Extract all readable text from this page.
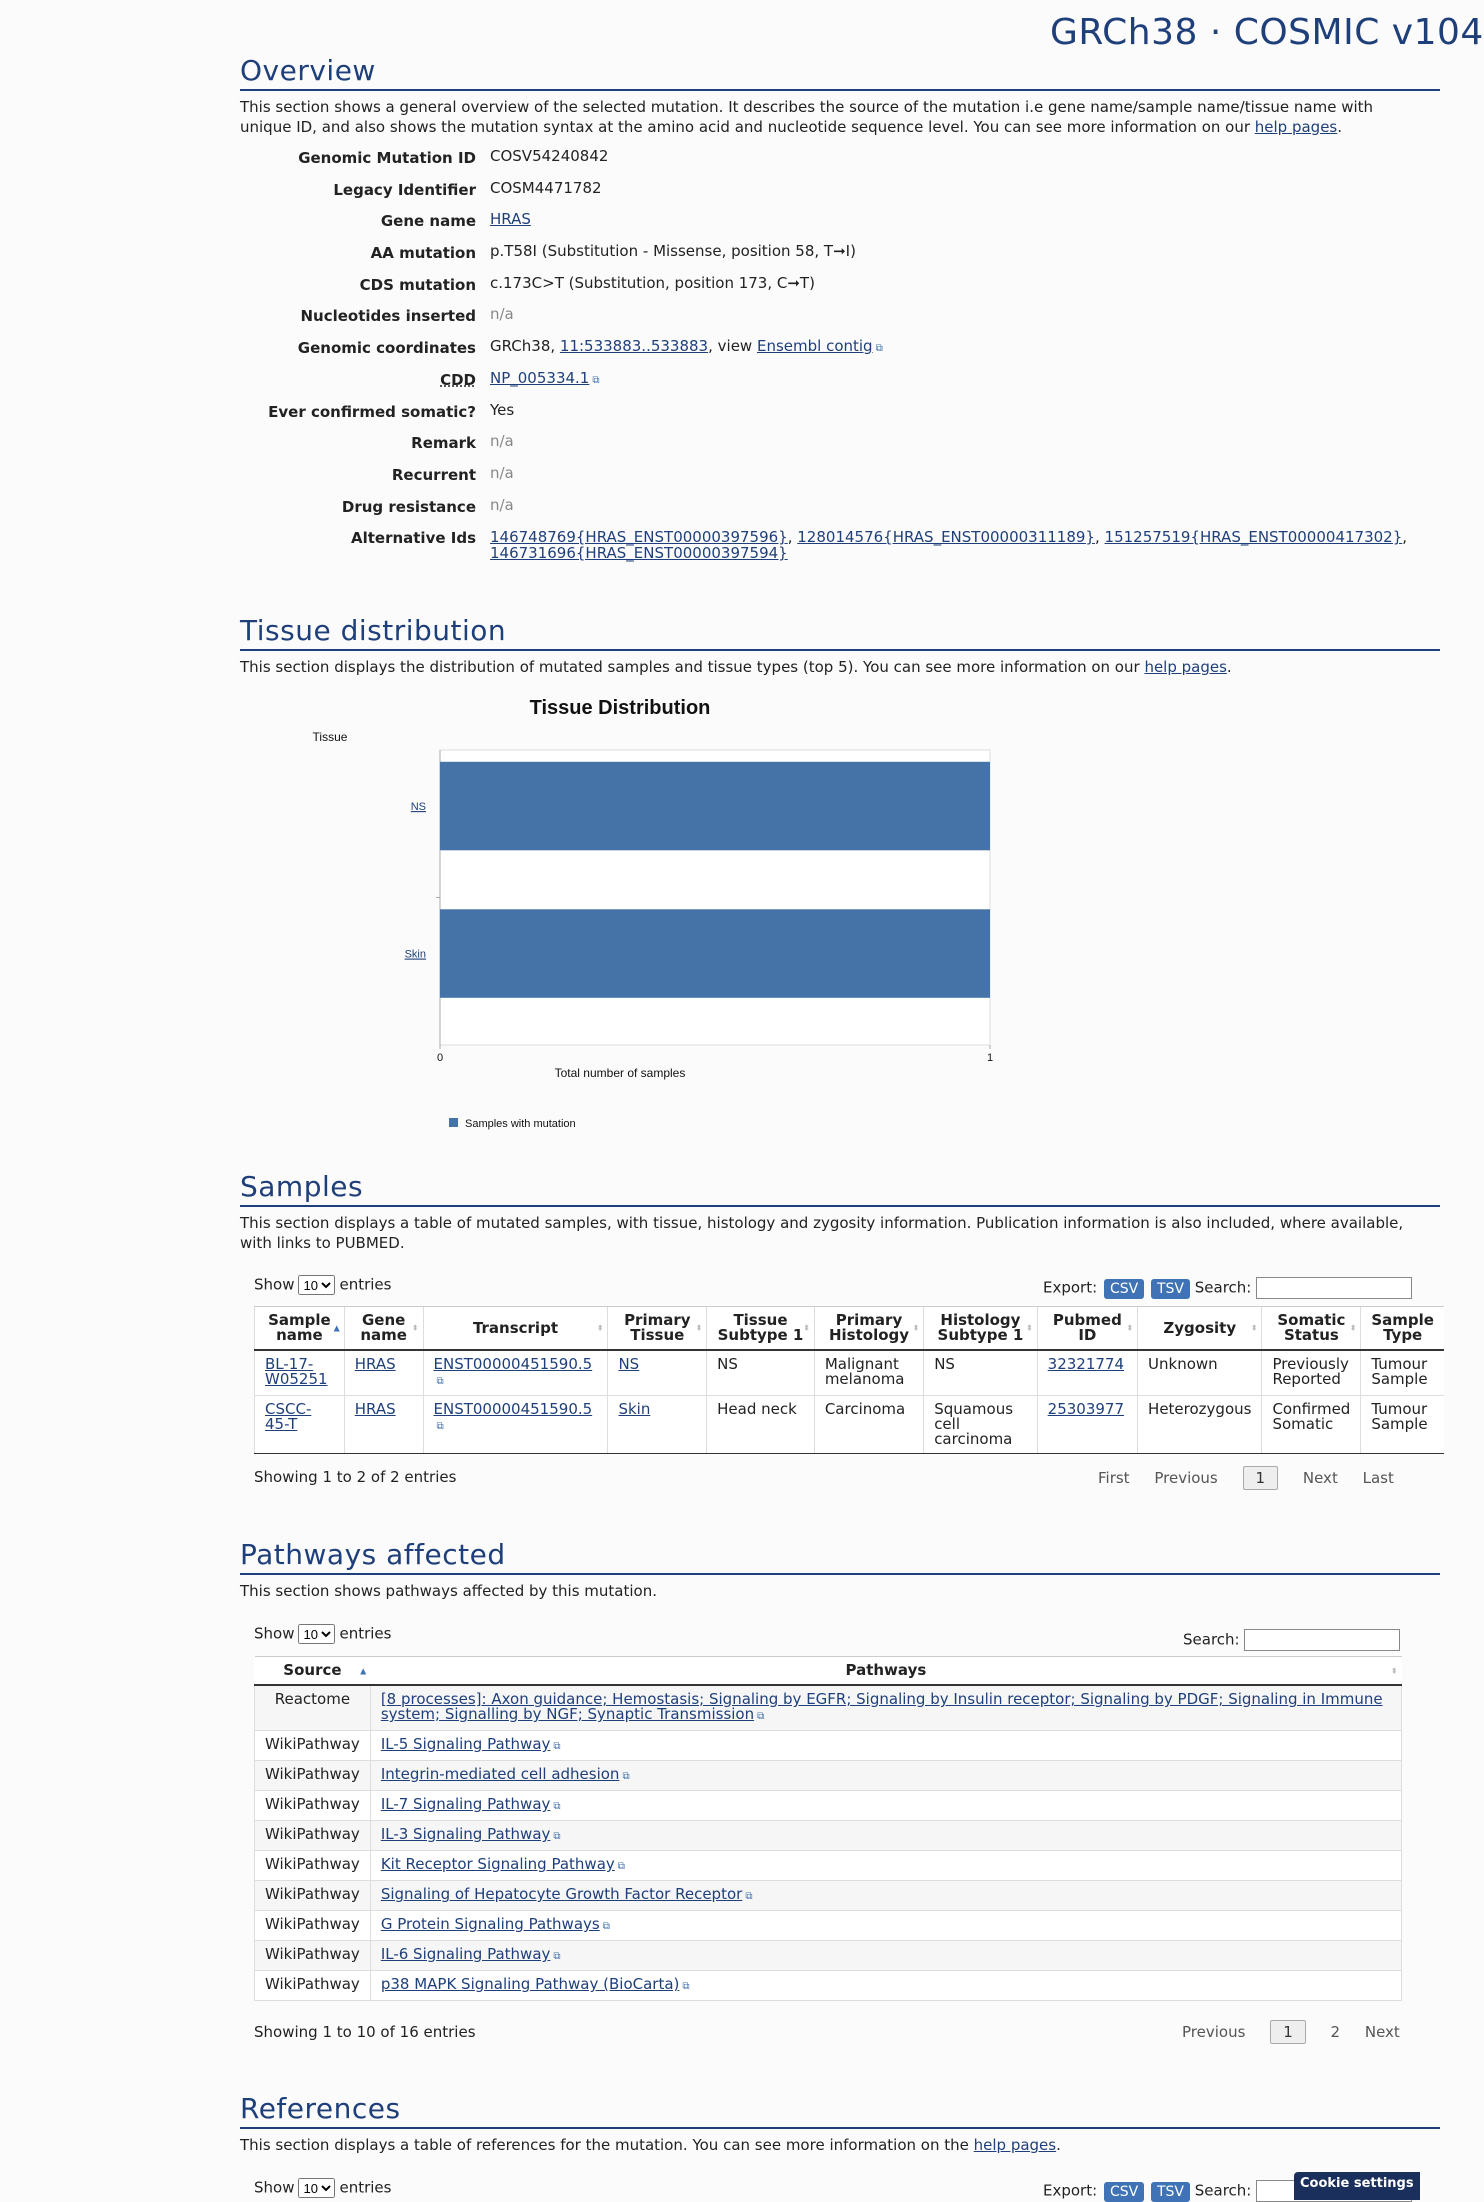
GRCh38 · COSMIC v104
Overview

This section shows a general overview of the selected mutation. It describes the source of the mutation i.e gene name/sample name/tissue name with unique ID, and also shows the mutation syntax at the amino acid and nucleotide sequence level. You can see more information on our help pages.

Genomic Mutation ID COSV54240842
Legacy Identifier COSM4471782
Gene name HRAS
AA mutation p.T58I (Substitution - Missense, position 58, T➞I)
CDS mutation c.173C>T (Substitution, position 173, C➞T)
Nucleotides inserted n/a
Genomic coordinates GRCh38, 11:533883..533883, view Ensembl contig ⧉
CDD NP_005334.1 ⧉
Ever confirmed somatic? Yes
Remark n/a
Recurrent n/a
Drug resistance n/a
Alternative Ids 146748769{HRAS_ENST00000397596}, 128014576{HRAS_ENST00000311189}, 151257519{HRAS_ENST00000417302},
146731696{HRAS_ENST00000397594}
Tissue distribution

This section displays the distribution of mutated samples and tissue types (top 5). You can see more information on our help pages.

Tissue Distribution
Tissue
Total number of samples
NS
Skin
0	1
Samples with mutation
Samples

This section displays a table of mutated samples, with tissue, histology and zygosity information. Publication information is also included, where available, with links to PUBMED.

Show
10	entries	Export: CSV TSV Search:
Sample name ▲	Gene name ⬍	Transcript ⬍	Primary Tissue ⬍	Tissue Subtype 1 ⬍	Primary Histology ⬍	Histology Subtype 1 ⬍	Pubmed ID ⬍	Zygosity ⬍	Somatic Status ⬍	Sample Type
BL-17-W05251	HRAS	ENST00000451590.5⧉	NS	NS	Malignant melanoma	NS	32321774	Unknown	Previously Reported	Tumour Sample
CSCC-45-T	HRAS	ENST00000451590.5⧉	Skin	Head neck	Carcinoma	Squamous cell carcinoma	25303977	Heterozygous	Confirmed Somatic	Tumour Sample
Showing 1 to 2 of 2 entries	First Previous	1	Next Last
Pathways affected

This section shows pathways affected by this mutation.

Show
10	entries	Search:
Source ▲	Pathways ⬍

Reactome	[8 processes]: Axon guidance; Hemostasis; Signaling by EGFR; Signaling by Insulin receptor; Signaling by PDGF; Signaling in Immune system; Signalling by NGF; Synaptic Transmission ⧉
WikiPathway	IL-5 Signaling Pathway ⧉
WikiPathway	Integrin-mediated cell adhesion ⧉
WikiPathway	IL-7 Signaling Pathway ⧉
WikiPathway	IL-3 Signaling Pathway ⧉
WikiPathway	Kit Receptor Signaling Pathway ⧉
WikiPathway	Signaling of Hepatocyte Growth Factor Receptor ⧉
WikiPathway	G Protein Signaling Pathways ⧉
WikiPathway	IL-6 Signaling Pathway ⧉
WikiPathway	p38 MAPK Signaling Pathway (BioCarta) ⧉
Showing 1 to 10 of 16 entries	Previous	1	2 Next
References

This section displays a table of references for the mutation. You can see more information on the help pages.

Show
10	entries	Export: CSV TSV Search:	Cookie settings
